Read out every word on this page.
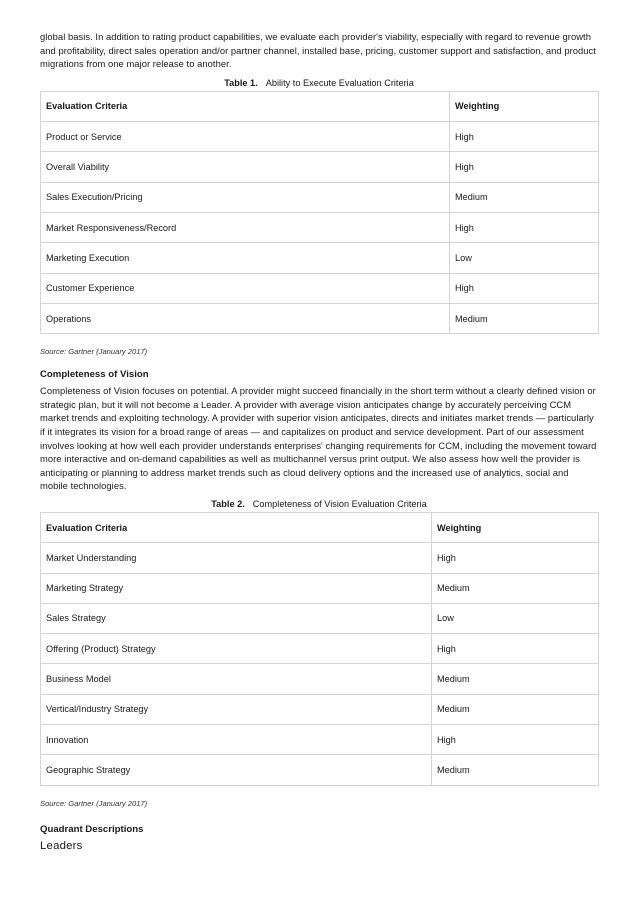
global basis. In addition to rating product capabilities, we evaluate each provider's viability, especially with regard to revenue growth and profitability, direct sales operation and/or partner channel, installed base, pricing, customer support and satisfaction, and product migrations from one major release to another.

Table 1. Ability to Execute Evaluation Criteria
Evaluation Criteria	Weighting
Product or Service	High
Overall Viability	High
Sales Execution/Pricing	Medium
Market Responsiveness/Record	High
Marketing Execution	Low
Customer Experience	High
Operations	Medium

Source: Gartner (January 2017)

Completeness of Vision

Completeness of Vision focuses on potential. A provider might succeed financially in the short term without a clearly defined vision or strategic plan, but it will not become a Leader. A provider with average vision anticipates change by accurately perceiving CCM market trends and exploiting technology. A provider with superior vision anticipates, directs and initiates market trends — particularly if it integrates its vision for a broad range of areas — and capitalizes on product and service development. Part of our assessment involves looking at how well each provider understands enterprises' changing requirements for CCM, including the movement toward more interactive and on-demand capabilities as well as multichannel versus print output. We also assess how well the provider is anticipating or planning to address market trends such as cloud delivery options and the increased use of analytics, social and mobile technologies.

Table 2. Completeness of Vision Evaluation Criteria
Evaluation Criteria	Weighting
Market Understanding	High
Marketing Strategy	Medium
Sales Strategy	Low
Offering (Product) Strategy	High
Business Model	Medium
Vertical/Industry Strategy	Medium
Innovation	High
Geographic Strategy	Medium

Source: Gartner (January 2017)

Quadrant Descriptions
Leaders
